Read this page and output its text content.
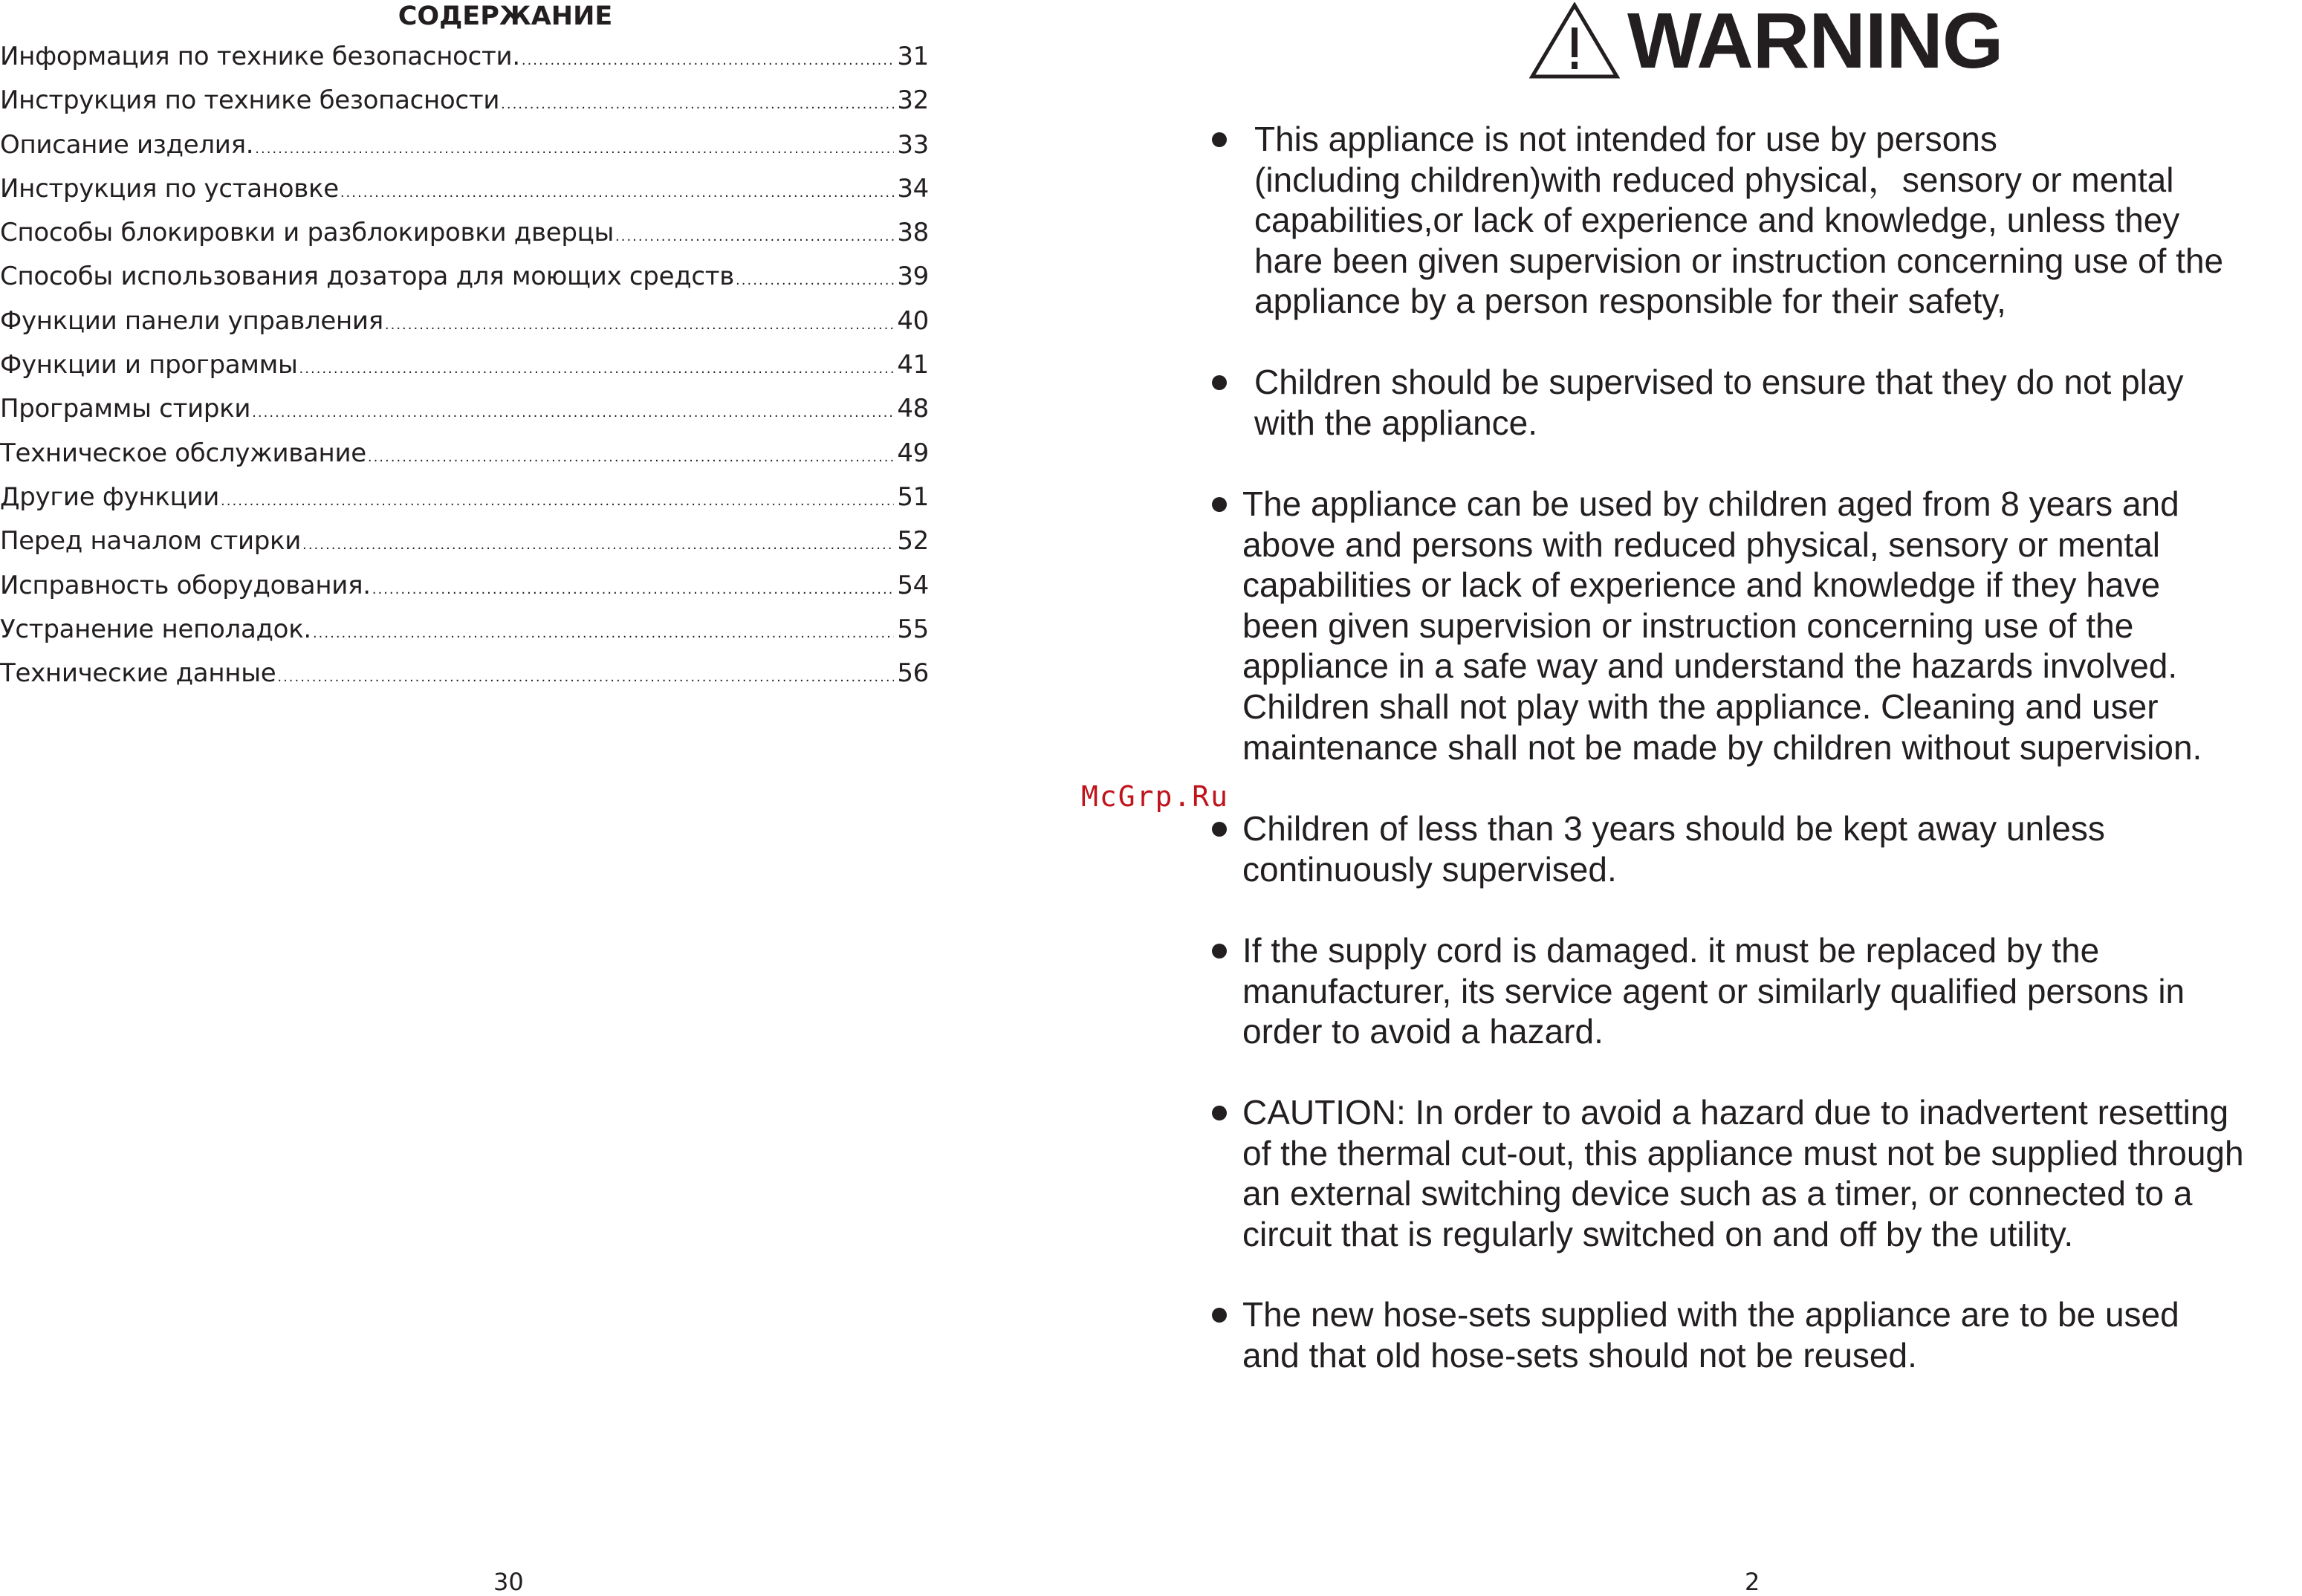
СОДЕРЖАНИЕ
Информация по технике безопасности. .....	31
Инструкция по технике безопасности .....	32
Описание изделия. .....	33
Инструкция по установке .....	34
Способы блокировки и разблокировки дверцы .....	38
Способы использования дозатора для моющих средств .....	39
Функции панели управления .....	40
Функции и программы .....	41
Программы стирки .....	48
Техническое обслуживание .....	49
Другие функции .....	51
Перед началом стирки .....	52
Исправность оборудования. .....	54
Устранение неполадок. .....	55
Технические данные .....	56
30
WARNING
McGrp.Ru
This appliance is not intended for use by persons
(including children)with reduced physical，sensory or mental
capabilities,or lack of experience and knowledge, unless they
hare been given supervision or instruction concerning use of the
appliance by a person responsible for their safety,
Children should be supervised to ensure that they do not play
with the appliance.
The appliance can be used by children aged from 8 years and
above and persons with reduced physical, sensory or mental
capabilities or lack of experience and knowledge if they have
been given supervision or instruction concerning use of the
appliance in a safe way and understand the hazards involved.
Children shall not play with the appliance. Cleaning and user
maintenance shall not be made by children without supervision.
Children of less than 3 years should be kept away unless
continuously supervised.
If the supply cord is damaged. it must be replaced by the
manufacturer, its service agent or similarly qualified persons in
order to avoid a hazard.
CAUTION: In order to avoid a hazard due to inadvertent resetting
of the thermal cut-out, this appliance must not be supplied through
an external switching device such as a timer, or connected to a
circuit that is regularly switched on and off by the utility.
The new hose-sets supplied with the appliance are to be used
and that old hose-sets should not be reused.
2
